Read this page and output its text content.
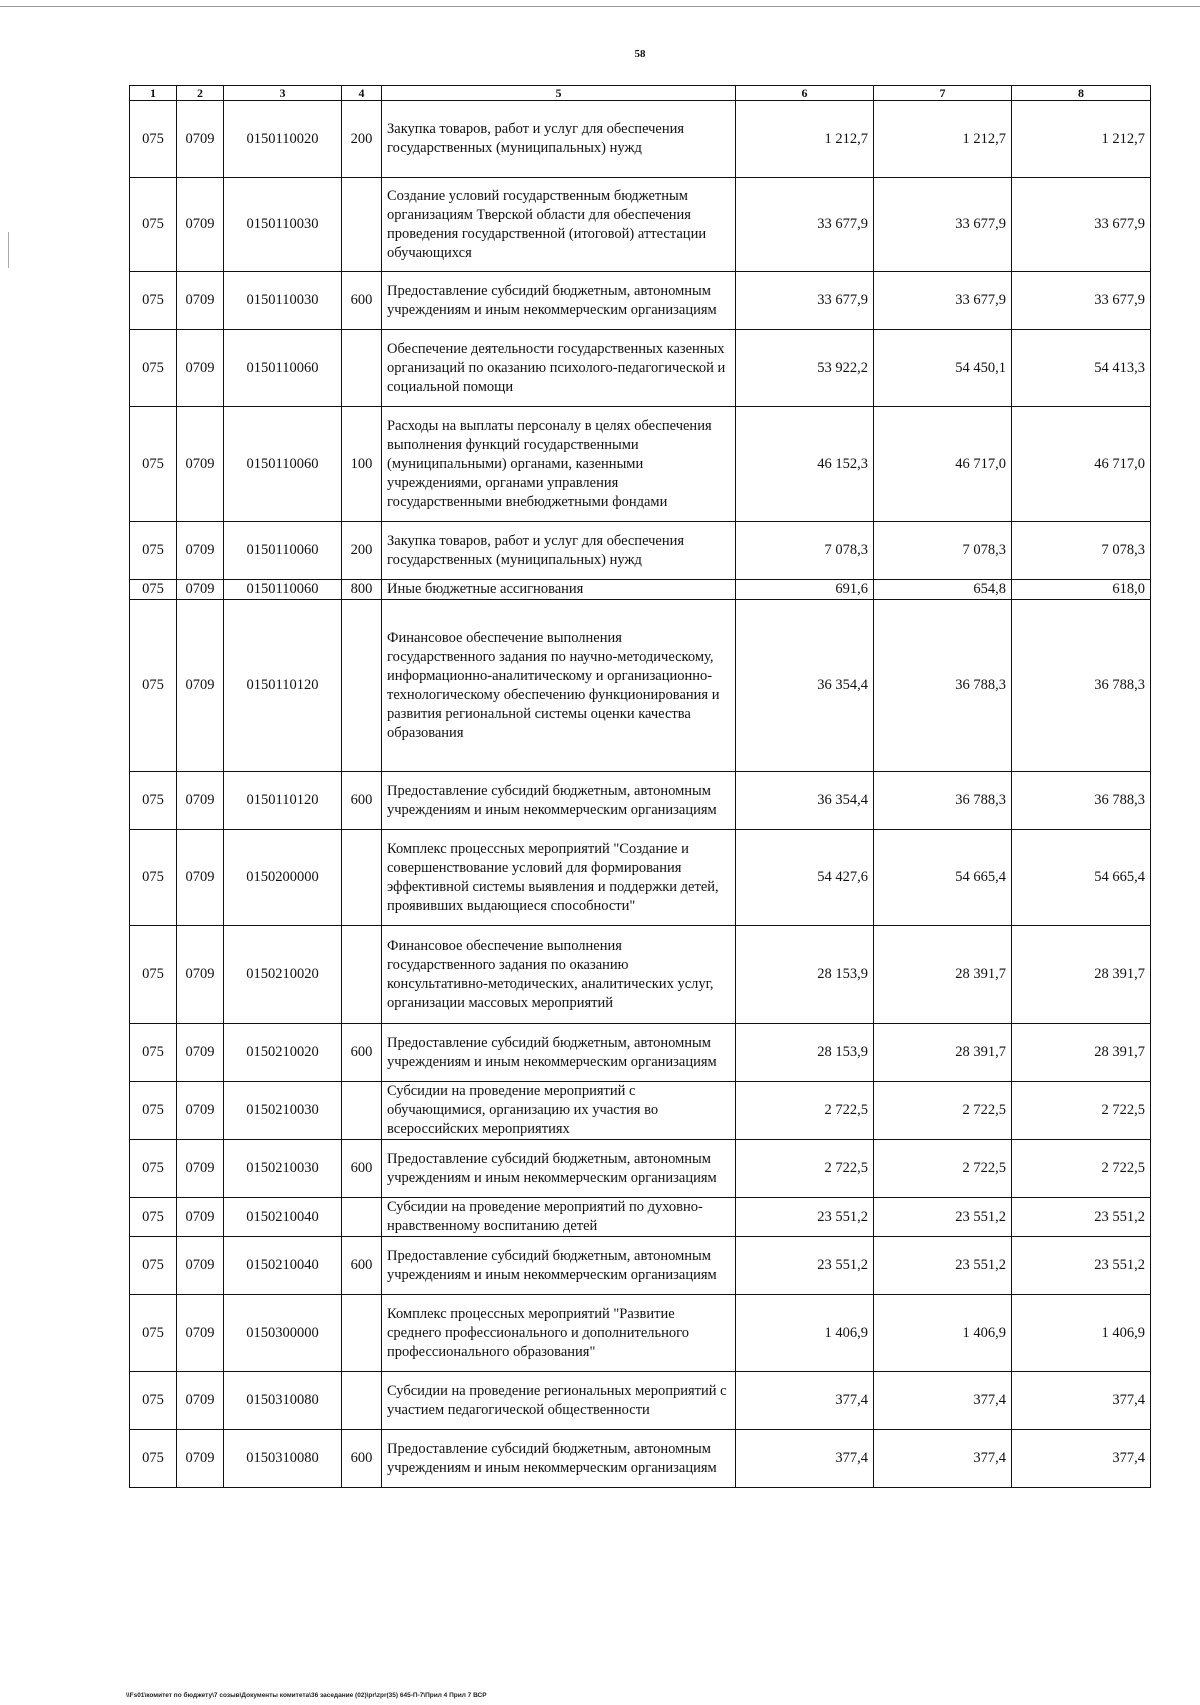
58
1	2	3	4	5	6	7	8
075	0709	0150110020	200	Закупка товаров, работ и услуг для обеспечения государственных (муниципальных) нужд	1 212,7	1 212,7	1 212,7
075	0709	0150110030		Создание условий государственным бюджетным организациям Тверской области для обеспечения проведения государственной (итоговой) аттестации обучающихся	33 677,9	33 677,9	33 677,9
075	0709	0150110030	600	Предоставление субсидий бюджетным, автономным учреждениям и иным некоммерческим организациям	33 677,9	33 677,9	33 677,9
075	0709	0150110060		Обеспечение деятельности государственных казенных организаций по оказанию психолого-педагогической и социальной помощи	53 922,2	54 450,1	54 413,3
075	0709	0150110060	100	Расходы на выплаты персоналу в целях обеспечения выполнения функций государственными (муниципальными) органами, казенными учреждениями, органами управления государственными внебюджетными фондами	46 152,3	46 717,0	46 717,0
075	0709	0150110060	200	Закупка товаров, работ и услуг для обеспечения государственных (муниципальных) нужд	7 078,3	7 078,3	7 078,3
075	0709	0150110060	800	Иные бюджетные ассигнования	691,6	654,8	618,0
075	0709	0150110120		Финансовое обеспечение выполнения государственного задания по научно-методическому, информационно-аналитическому и организационно-технологическому обеспечению функционирования и развития региональной системы оценки качества образования	36 354,4	36 788,3	36 788,3
075	0709	0150110120	600	Предоставление субсидий бюджетным, автономным учреждениям и иным некоммерческим организациям	36 354,4	36 788,3	36 788,3
075	0709	0150200000		Комплекс процессных мероприятий "Создание и совершенствование условий для формирования эффективной системы выявления и поддержки детей, проявивших выдающиеся способности"	54 427,6	54 665,4	54 665,4
075	0709	0150210020		Финансовое обеспечение выполнения государственного задания по оказанию консультативно-методических, аналитических услуг, организации массовых мероприятий	28 153,9	28 391,7	28 391,7
075	0709	0150210020	600	Предоставление субсидий бюджетным, автономным учреждениям и иным некоммерческим организациям	28 153,9	28 391,7	28 391,7
075	0709	0150210030		Субсидии на проведение мероприятий с обучающимися, организацию их участия во всероссийских мероприятиях	2 722,5	2 722,5	2 722,5
075	0709	0150210030	600	Предоставление субсидий бюджетным, автономным учреждениям и иным некоммерческим организациям	2 722,5	2 722,5	2 722,5
075	0709	0150210040		Субсидии на проведение мероприятий по духовно-нравственному воспитанию детей	23 551,2	23 551,2	23 551,2
075	0709	0150210040	600	Предоставление субсидий бюджетным, автономным учреждениям и иным некоммерческим организациям	23 551,2	23 551,2	23 551,2
075	0709	0150300000		Комплекс процессных мероприятий "Развитие среднего профессионального и дополнительного профессионального образования"	1 406,9	1 406,9	1 406,9
075	0709	0150310080		Субсидии на проведение региональных мероприятий с участием педагогической общественности	377,4	377,4	377,4
075	0709	0150310080	600	Предоставление субсидий бюджетным, автономным учреждениям и иным некоммерческим организациям	377,4	377,4	377,4
\\Fs01\комитет по бюджету\7 созыв\Документы комитета\36 заседание (02)\pr\zpr(35) 645-П-7\Прил 4 Прил 7 ВСР
